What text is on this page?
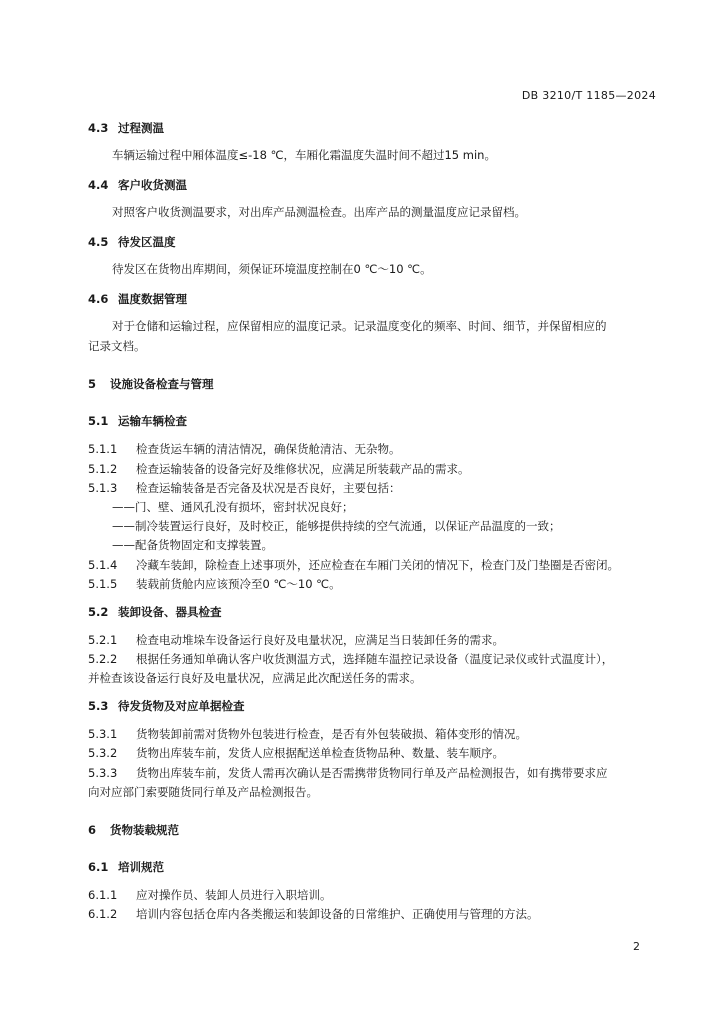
DB 3210/T 1185—2024
4.3 过程测温
车辆运输过程中厢体温度≤-18 ℃，车厢化霜温度失温时间不超过15 min。
4.4 客户收货测温
对照客户收货测温要求，对出库产品测温检查。出库产品的测量温度应记录留档。
4.5 待发区温度
待发区在货物出库期间，须保证环境温度控制在0 ℃～10 ℃。
4.6 温度数据管理
对于仓储和运输过程，应保留相应的温度记录。记录温度变化的频率、时间、细节，并保留相应的
记录文档。
5 设施设备检查与管理
5.1 运输车辆检查
5.1.1 检查货运车辆的清洁情况，确保货舱清洁、无杂物。
5.1.2 检查运输装备的设备完好及维修状况，应满足所装载产品的需求。
5.1.3 检查运输装备是否完备及状况是否良好，主要包括：
——门、壁、通风孔没有损坏，密封状况良好；
——制冷装置运行良好，及时校正，能够提供持续的空气流通，以保证产品温度的一致；
——配备货物固定和支撑装置。
5.1.4 冷藏车装卸，除检查上述事项外，还应检查在车厢门关闭的情况下，检查门及门垫圈是否密闭。
5.1.5 装载前货舱内应该预冷至0 ℃～10 ℃。
5.2 装卸设备、器具检查
5.2.1 检查电动堆垛车设备运行良好及电量状况，应满足当日装卸任务的需求。
5.2.2 根据任务通知单确认客户收货测温方式，选择随车温控记录设备（温度记录仪或针式温度计），
并检查该设备运行良好及电量状况，应满足此次配送任务的需求。
5.3 待发货物及对应单据检查
5.3.1 货物装卸前需对货物外包装进行检查，是否有外包装破损、箱体变形的情况。
5.3.2 货物出库装车前，发货人应根据配送单检查货物品种、数量、装车顺序。
5.3.3 货物出库装车前，发货人需再次确认是否需携带货物同行单及产品检测报告，如有携带要求应
向对应部门索要随货同行单及产品检测报告。
6 货物装载规范
6.1 培训规范
6.1.1 应对操作员、装卸人员进行入职培训。
6.1.2 培训内容包括仓库内各类搬运和装卸设备的日常维护、正确使用与管理的方法。
2
